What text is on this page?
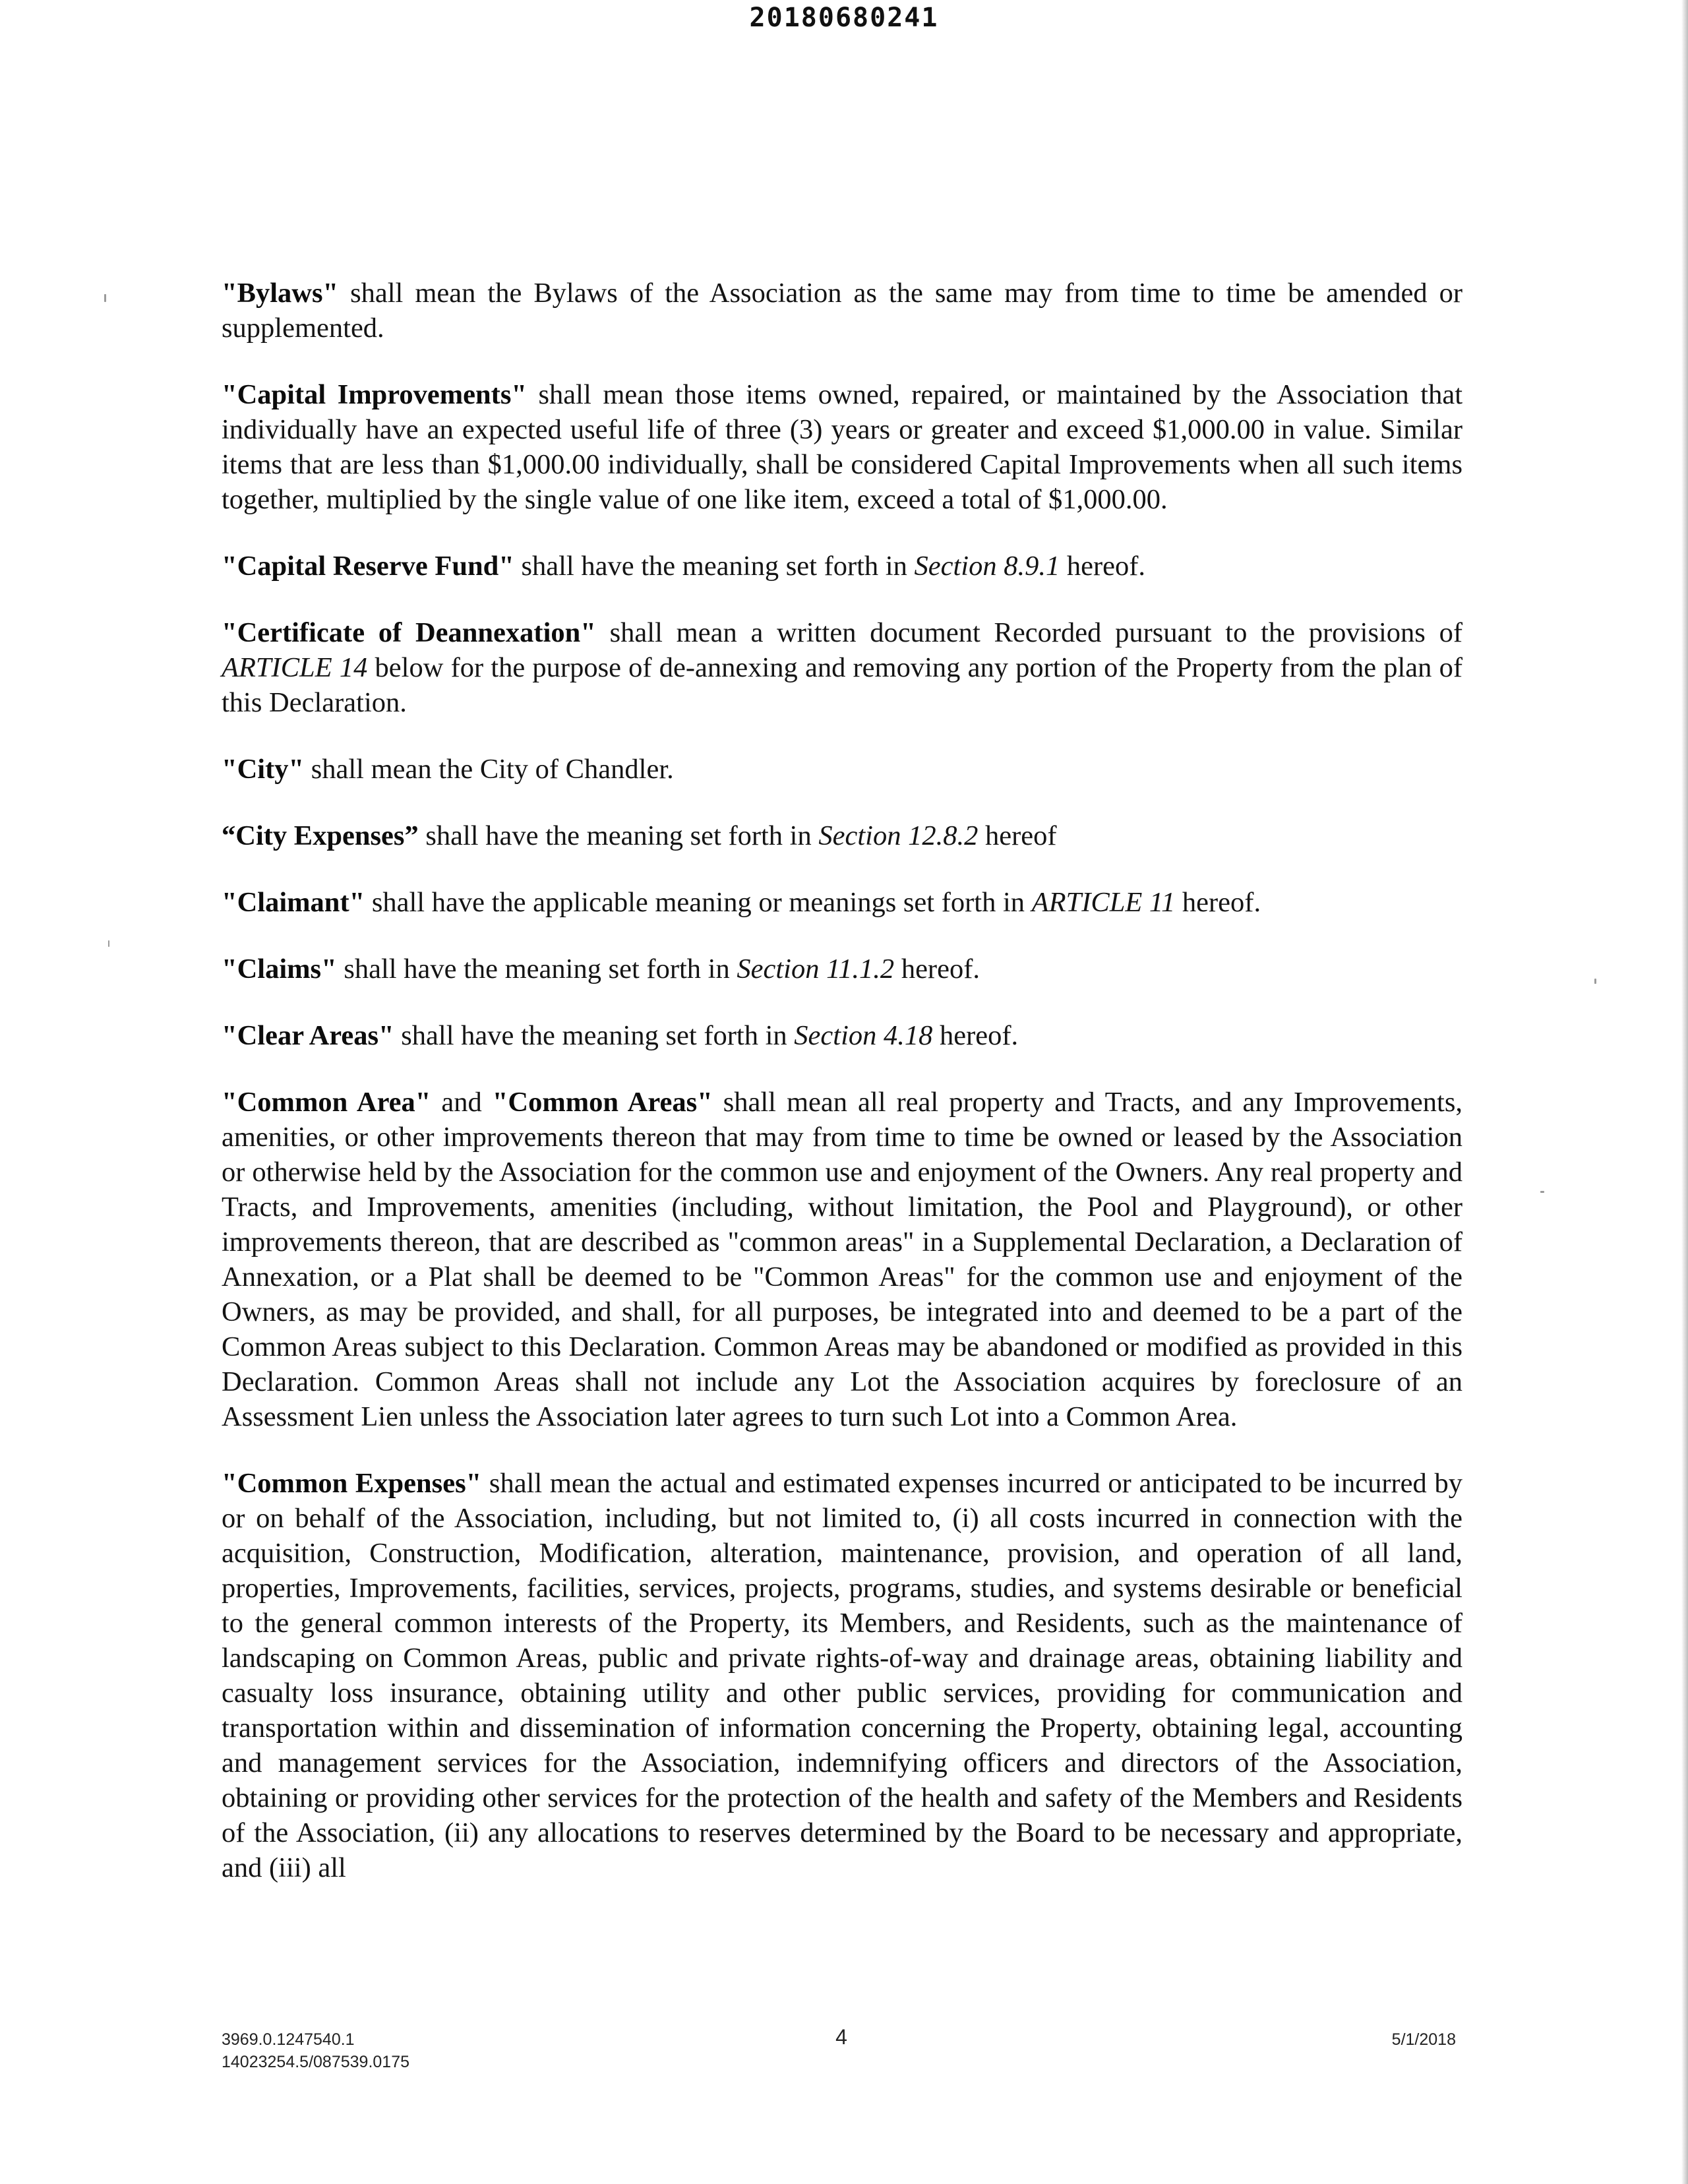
20180680241

"Bylaws" shall mean the Bylaws of the Association as the same may from time to time be amended or supplemented.

"Capital Improvements" shall mean those items owned, repaired, or maintained by the Association that individually have an expected useful life of three (3) years or greater and exceed $1,000.00 in value. Similar items that are less than $1,000.00 individually, shall be considered Capital Improvements when all such items together, multiplied by the single value of one like item, exceed a total of $1,000.00.

"Capital Reserve Fund" shall have the meaning set forth in Section 8.9.1 hereof.

"Certificate of Deannexation" shall mean a written document Recorded pursuant to the provisions of ARTICLE 14 below for the purpose of de-annexing and removing any portion of the Property from the plan of this Declaration.

"City" shall mean the City of Chandler.

“City Expenses” shall have the meaning set forth in Section 12.8.2 hereof

"Claimant" shall have the applicable meaning or meanings set forth in ARTICLE 11 hereof.

"Claims" shall have the meaning set forth in Section 11.1.2 hereof.

"Clear Areas" shall have the meaning set forth in Section 4.18 hereof.

"Common Area" and "Common Areas" shall mean all real property and Tracts, and any Improvements, amenities, or other improvements thereon that may from time to time be owned or leased by the Association or otherwise held by the Association for the common use and enjoyment of the Owners. Any real property and Tracts, and Improvements, amenities (including, without limitation, the Pool and Playground), or other improvements thereon, that are described as "common areas" in a Supplemental Declaration, a Declaration of Annexation, or a Plat shall be deemed to be "Common Areas" for the common use and enjoyment of the Owners, as may be provided, and shall, for all purposes, be integrated into and deemed to be a part of the Common Areas subject to this Declaration. Common Areas may be abandoned or modified as provided in this Declaration. Common Areas shall not include any Lot the Association acquires by foreclosure of an Assessment Lien unless the Association later agrees to turn such Lot into a Common Area.

"Common Expenses" shall mean the actual and estimated expenses incurred or anticipated to be incurred by or on behalf of the Association, including, but not limited to, (i) all costs incurred in connection with the acquisition, Construction, Modification, alteration, maintenance, provision, and operation of all land, properties, Improvements, facilities, services, projects, programs, studies, and systems desirable or beneficial to the general common interests of the Property, its Members, and Residents, such as the maintenance of landscaping on Common Areas, public and private rights-of-way and drainage areas, obtaining liability and casualty loss insurance, obtaining utility and other public services, providing for communication and transportation within and dissemination of information concerning the Property, obtaining legal, accounting and management services for the Association, indemnifying officers and directors of the Association, obtaining or providing other services for the protection of the health and safety of the Members and Residents of the Association, (ii) any allocations to reserves determined by the Board to be necessary and appropriate, and (iii) all

3969.0.1247540.1
14023254.5/087539.0175
4	5/1/2018
